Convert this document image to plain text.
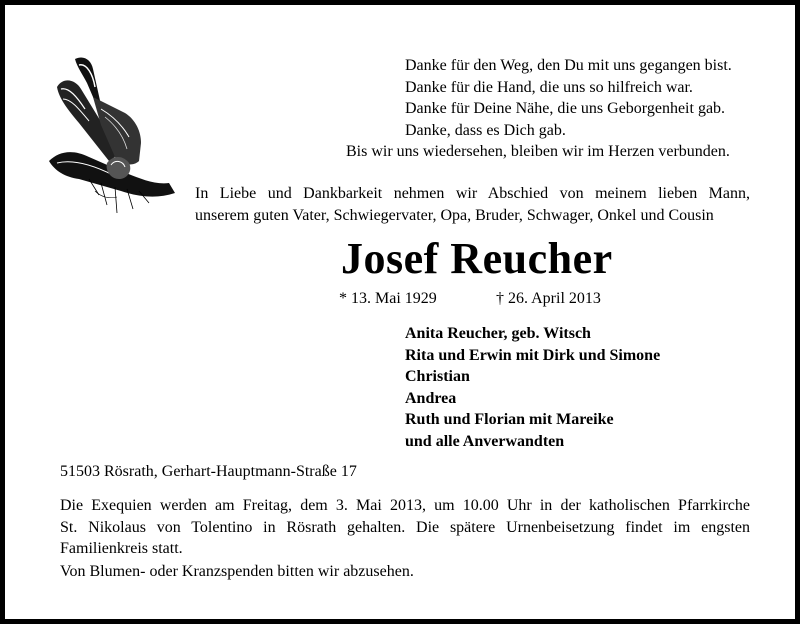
Danke für den Weg, den Du mit uns gegangen bist.
Danke für die Hand, die uns so hilfreich war.
Danke für Deine Nähe, die uns Geborgenheit gab.
Danke, dass es Dich gab.
Bis wir uns wiedersehen, bleiben wir im Herzen verbunden.
In Liebe und Dankbarkeit nehmen wir Abschied von meinem lieben Mann,
unserem guten Vater, Schwiegervater, Opa, Bruder, Schwager, Onkel und Cousin
Josef Reucher
* 13. Mai 1929	† 26. April 2013
Anita Reucher, geb. Witsch
Rita und Erwin mit Dirk und Simone
Christian
Andrea
Ruth und Florian mit Mareike
und alle Anverwandten
51503 Rösrath, Gerhart-Hauptmann-Straße 17
Die Exequien werden am Freitag, dem 3. Mai 2013, um 10.00 Uhr in der katholischen Pfarrkirche
St. Nikolaus von Tolentino in Rösrath gehalten. Die spätere Urnenbeisetzung findet im engsten
Familienkreis statt.
Von Blumen- oder Kranzspenden bitten wir abzusehen.
